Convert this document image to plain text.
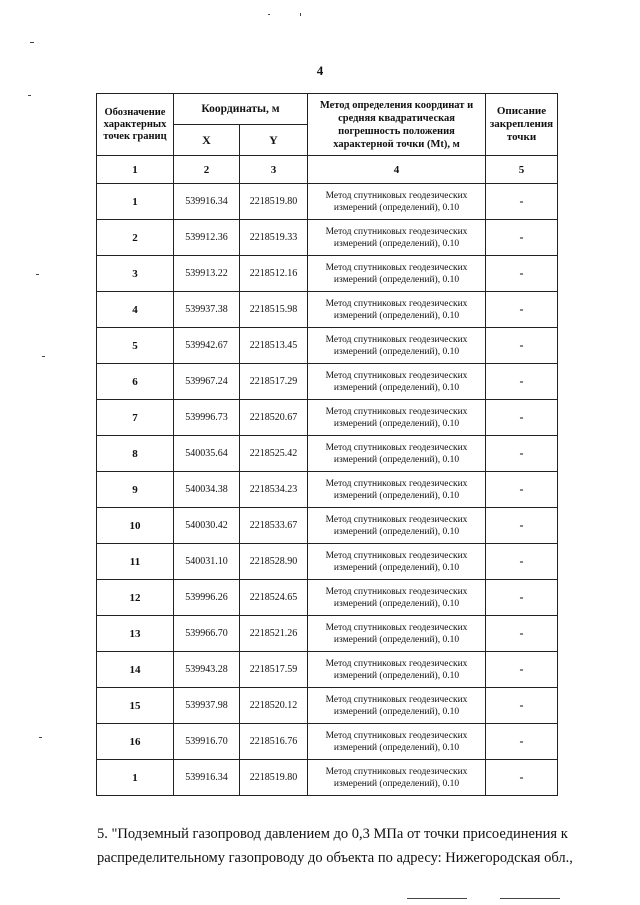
4
Обозначение характерных точек границ	Координаты, м		Метод определения координат и средняя квадратическая погрешность положения характерной точки (Mt), м	Описание закрепления точки
	X	Y		
1	2	3	4	5
1	539916.34	2218519.80	Метод спутниковых геодезических измерений (определений), 0.10	-
2	539912.36	2218519.33	Метод спутниковых геодезических измерений (определений), 0.10	-
3	539913.22	2218512.16	Метод спутниковых геодезических измерений (определений), 0.10	-
4	539937.38	2218515.98	Метод спутниковых геодезических измерений (определений), 0.10	-
5	539942.67	2218513.45	Метод спутниковых геодезических измерений (определений), 0.10	-
6	539967.24	2218517.29	Метод спутниковых геодезических измерений (определений), 0.10	-
7	539996.73	2218520.67	Метод спутниковых геодезических измерений (определений), 0.10	-
8	540035.64	2218525.42	Метод спутниковых геодезических измерений (определений), 0.10	-
9	540034.38	2218534.23	Метод спутниковых геодезических измерений (определений), 0.10	-
10	540030.42	2218533.67	Метод спутниковых геодезических измерений (определений), 0.10	-
11	540031.10	2218528.90	Метод спутниковых геодезических измерений (определений), 0.10	-
12	539996.26	2218524.65	Метод спутниковых геодезических измерений (определений), 0.10	-
13	539966.70	2218521.26	Метод спутниковых геодезических измерений (определений), 0.10	-
14	539943.28	2218517.59	Метод спутниковых геодезических измерений (определений), 0.10	-
15	539937.98	2218520.12	Метод спутниковых геодезических измерений (определений), 0.10	-
16	539916.70	2218516.76	Метод спутниковых геодезических измерений (определений), 0.10	-
1	539916.34	2218519.80	Метод спутниковых геодезических измерений (определений), 0.10	-
5. "Подземный газопровод давлением до 0,3 МПа от точки присоединения к
распределительному газопроводу до объекта по адресу: Нижегородская обл.,
